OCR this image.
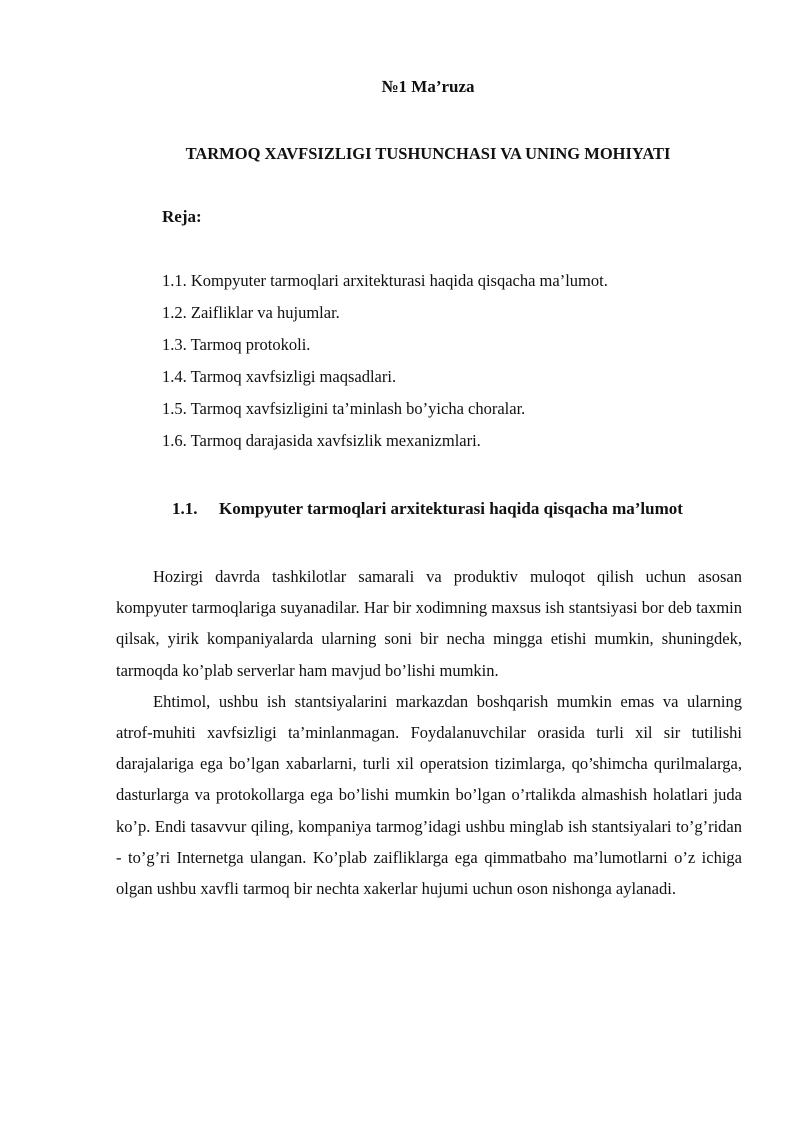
№1 Ma’ruza
TARMOQ XAVFSIZLIGI TUSHUNCHASI VA UNING MOHIYATI
Reja:
1.1. Kompyuter tarmoqlari arxitekturasi haqida qisqacha ma’lumot.
1.2. Zaifliklar va hujumlar.
1.3. Tarmoq protokoli.
1.4. Tarmoq xavfsizligi maqsadlari.
1.5. Tarmoq xavfsizligini ta’minlash bo’yicha choralar.
1.6. Tarmoq darajasida xavfsizlik mexanizmlari.
1.1. Kompyuter tarmoqlari arxitekturasi haqida qisqacha ma’lumot

Hozirgi davrda tashkilotlar samarali va produktiv muloqot qilish uchun asosan kompyuter tarmoqlariga suyanadilar. Har bir xodimning maxsus ish stantsiyasi bor deb taxmin qilsak, yirik kompaniyalarda ularning soni bir necha mingga etishi mumkin, shuningdek, tarmoqda ko’plab serverlar ham mavjud bo’lishi mumkin.

Ehtimol, ushbu ish stantsiyalarini markazdan boshqarish mumkin emas va ularning atrof-muhiti xavfsizligi ta’minlanmagan. Foydalanuvchilar orasida turli xil sir tutilishi darajalariga ega bo’lgan xabarlarni, turli xil operatsion tizimlarga, qo’shimcha qurilmalarga, dasturlarga va protokollarga ega bo’lishi mumkin bo’lgan o’rtalikda almashish holatlari juda ko’p. Endi tasavvur qiling, kompaniya tarmog’idagi ushbu minglab ish stantsiyalari to’g’ridan - to’g’ri Internetga ulangan. Ko’plab zaifliklarga ega qimmatbaho ma’lumotlarni o’z ichiga olgan ushbu xavfli tarmoq bir nechta xakerlar hujumi uchun oson nishonga aylanadi.
